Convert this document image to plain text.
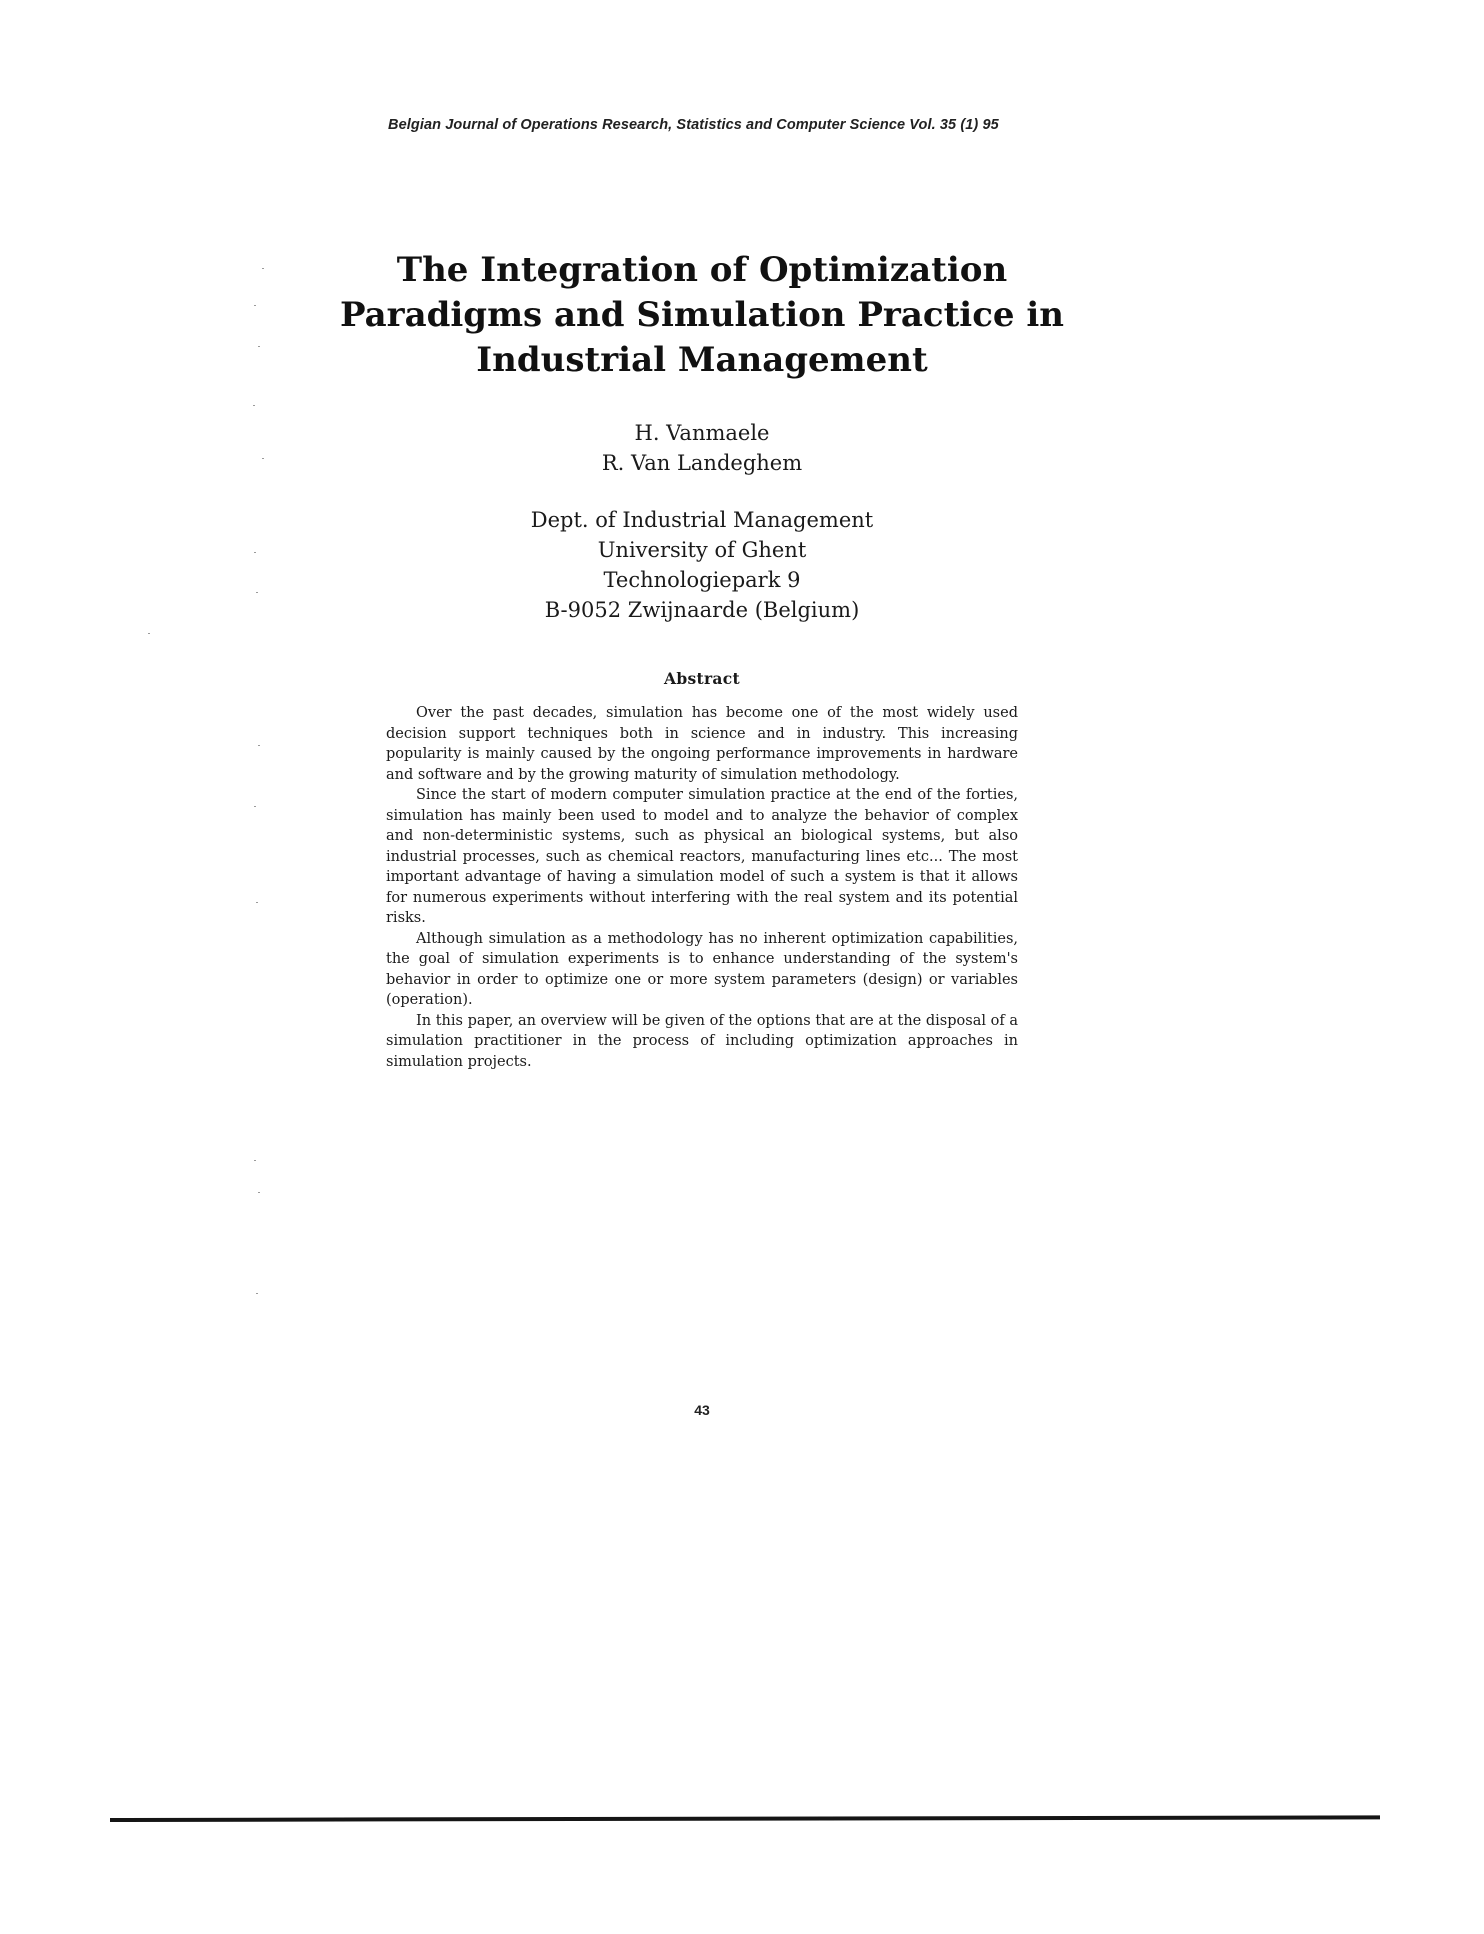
Belgian Journal of Operations Research, Statistics and Computer Science Vol. 35 (1) 95
The Integration of Optimization
Paradigms and Simulation Practice in
Industrial Management
H. Vanmaele
R. Van Landeghem
Dept. of Industrial Management
University of Ghent
Technologiepark 9
B-9052 Zwijnaarde (Belgium)
Abstract

Over the past decades, simulation has become one of the most widely used decision support techniques both in science and in industry. This increasing popularity is mainly caused by the ongoing performance improvements in hardware and software and by the growing maturity of simulation methodology.

Since the start of modern computer simulation practice at the end of the forties, simulation has mainly been used to model and to analyze the behavior of complex and non-deterministic systems, such as physical an biological systems, but also industrial processes, such as chemical reactors, manufacturing lines etc... The most important advantage of having a simulation model of such a system is that it allows for numerous experiments without interfering with the real system and its potential risks.

Although simulation as a methodology has no inherent optimization capabilities, the goal of simulation experiments is to enhance understanding of the system's behavior in order to optimize one or more system parameters (design) or variables (operation).

In this paper, an overview will be given of the options that are at the disposal of a simulation practitioner in the process of including optimization approaches in simulation projects.

43
